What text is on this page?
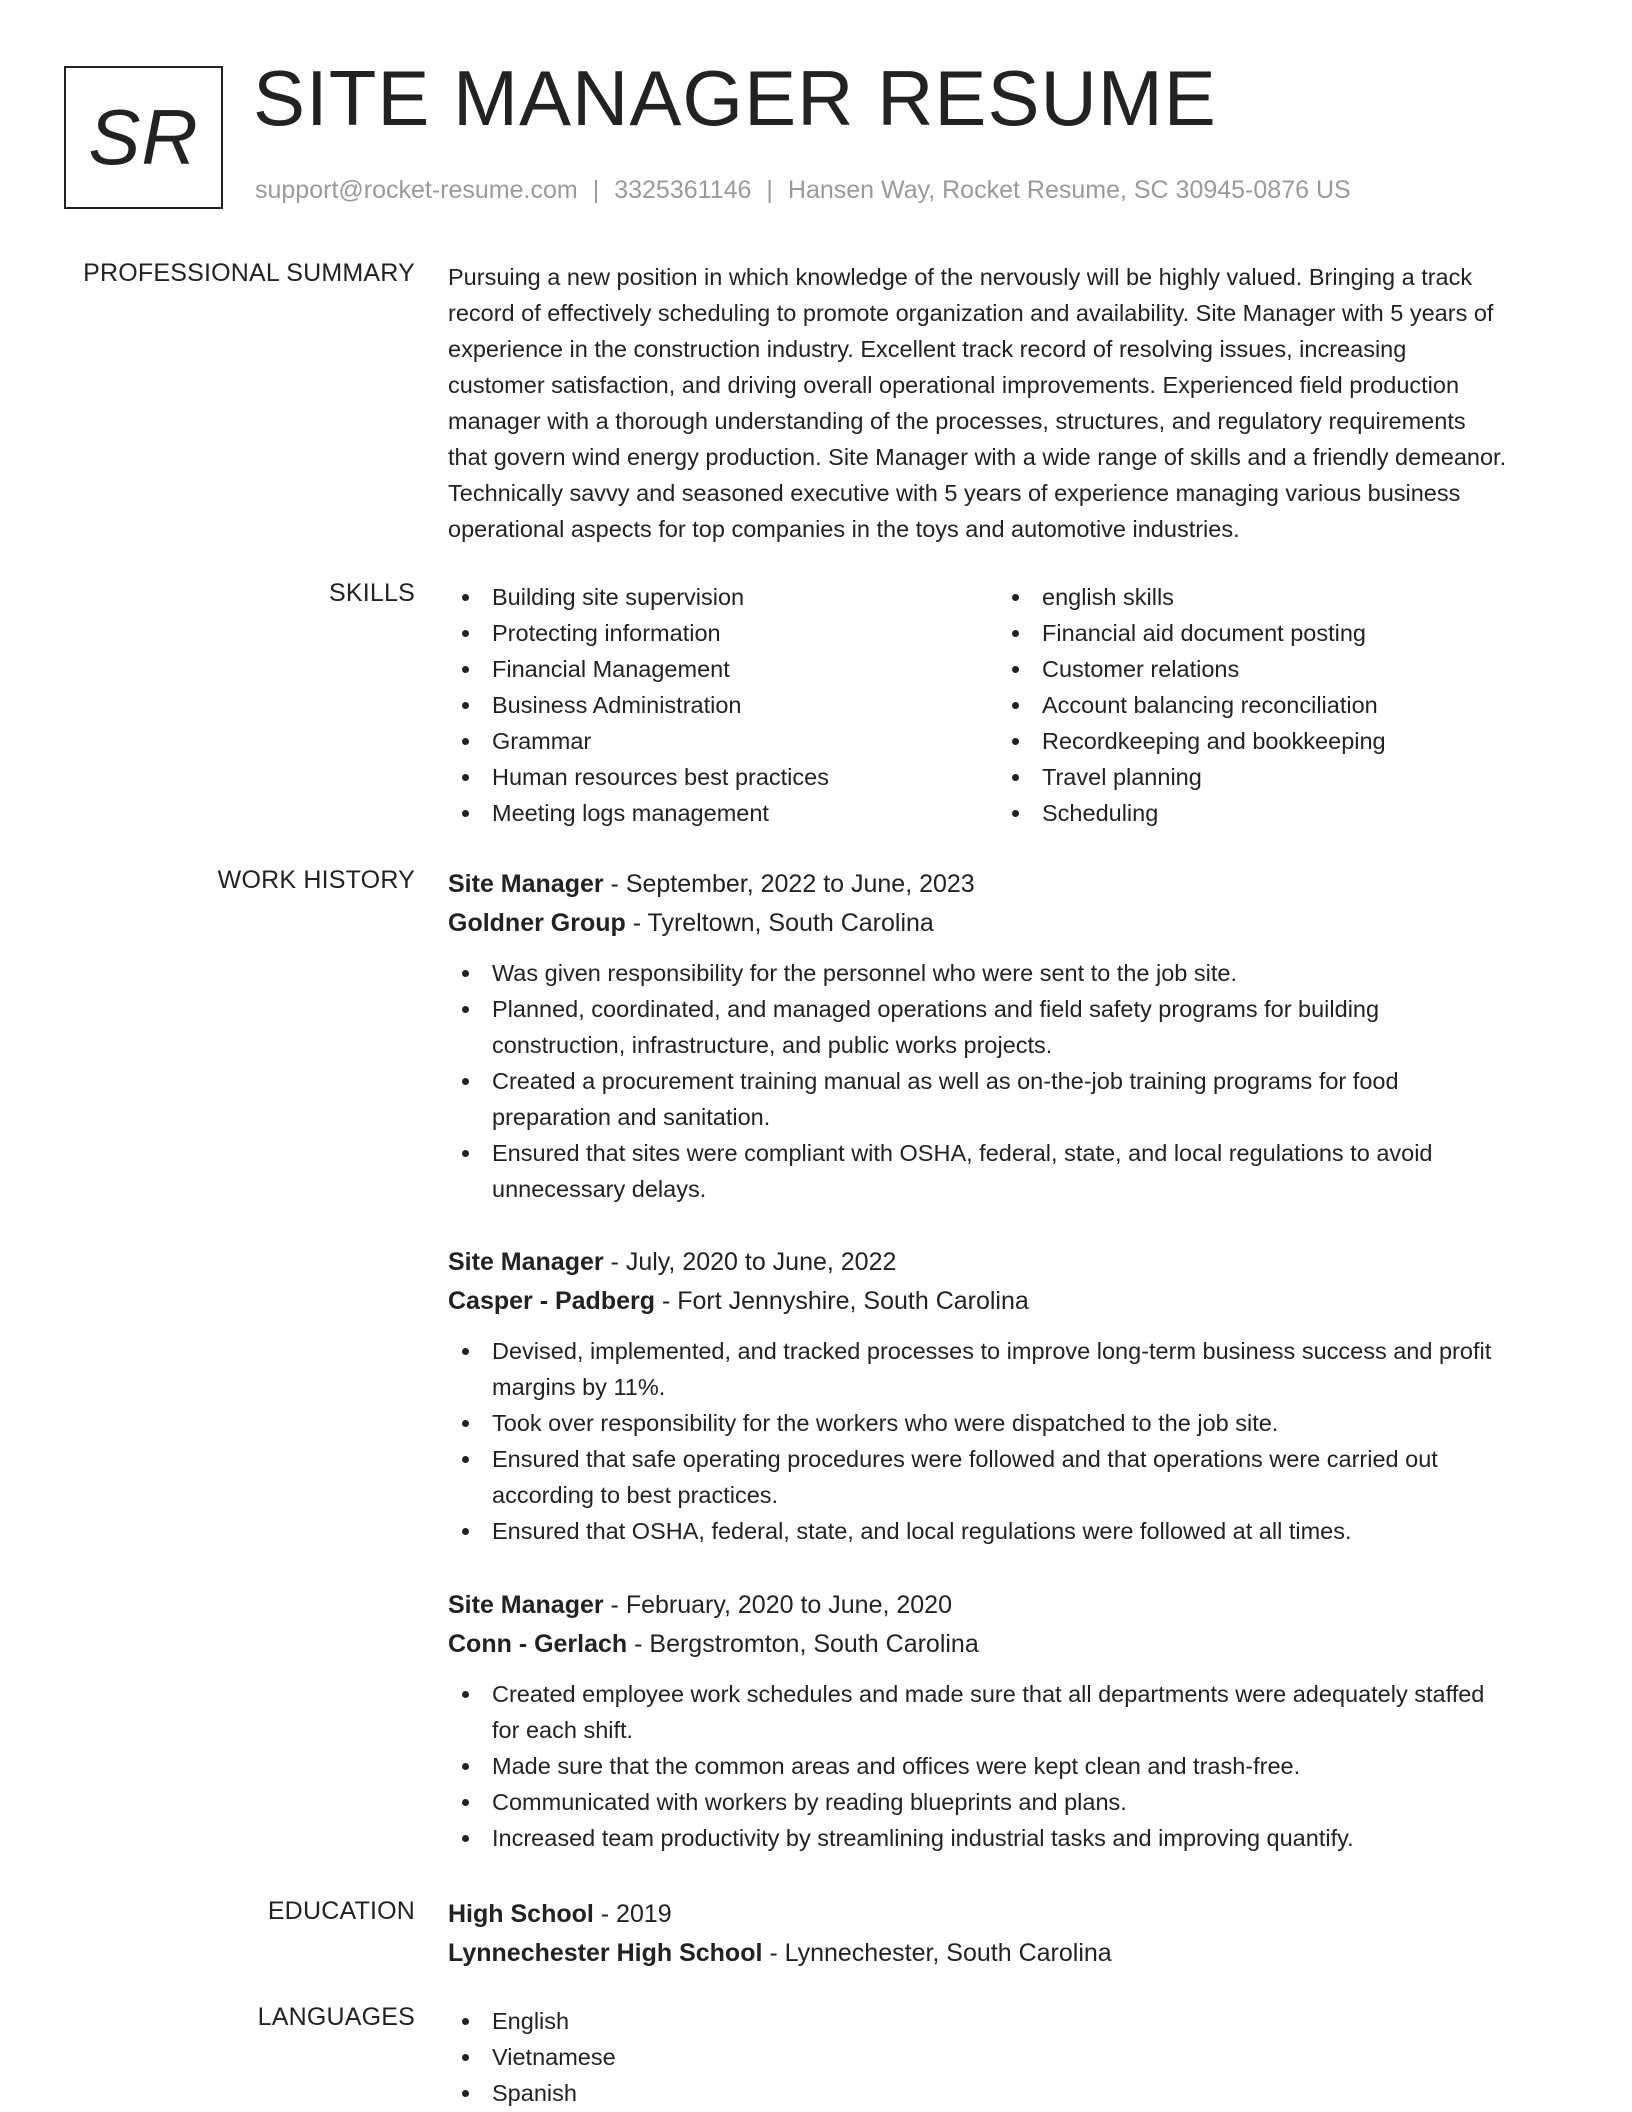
SR SITE MANAGER RESUME
support@rocket-resume.com | 3325361146 | Hansen Way, Rocket Resume, SC 30945-0876 US
PROFESSIONAL SUMMARY Pursuing a new position in which knowledge of the nervously will be highly valued. Bringing a track
record of effectively scheduling to promote organization and availability. Site Manager with 5 years of
experience in the construction industry. Excellent track record of resolving issues, increasing
customer satisfaction, and driving overall operational improvements. Experienced field production
manager with a thorough understanding of the processes, structures, and regulatory requirements
that govern wind energy production. Site Manager with a wide range of skills and a friendly demeanor.
Technically savvy and seasoned executive with 5 years of experience managing various business
operational aspects for top companies in the toys and automotive industries.
SKILLS	Building site supervision
Protecting information
Financial Management
Business Administration
Grammar
Human resources best practices
Meeting logs management
english skills
Financial aid document posting
Customer relations
Account balancing reconciliation
Recordkeeping and bookkeeping
Travel planning
Scheduling
WORK HISTORY Site Manager - September, 2022 to June, 2023
Goldner Group - Tyreltown, South Carolina
Was given responsibility for the personnel who were sent to the job site.
Planned, coordinated, and managed operations and field safety programs for building
construction, infrastructure, and public works projects.
Created a procurement training manual as well as on-the-job training programs for food
preparation and sanitation.
Ensured that sites were compliant with OSHA, federal, state, and local regulations to avoid
unnecessary delays.
Site Manager - July, 2020 to June, 2022
Casper - Padberg - Fort Jennyshire, South Carolina
Devised, implemented, and tracked processes to improve long-term business success and profit
margins by 11%.
Took over responsibility for the workers who were dispatched to the job site.
Ensured that safe operating procedures were followed and that operations were carried out
according to best practices.
Ensured that OSHA, federal, state, and local regulations were followed at all times.
Site Manager - February, 2020 to June, 2020
Conn - Gerlach - Bergstromton, South Carolina
Created employee work schedules and made sure that all departments were adequately staffed
for each shift.
Made sure that the common areas and offices were kept clean and trash-free.
Communicated with workers by reading blueprints and plans.
Increased team productivity by streamlining industrial tasks and improving quantify.
EDUCATION High School - 2019
Lynnechester High School - Lynnechester, South Carolina
LANGUAGES	English
Vietnamese
Spanish
